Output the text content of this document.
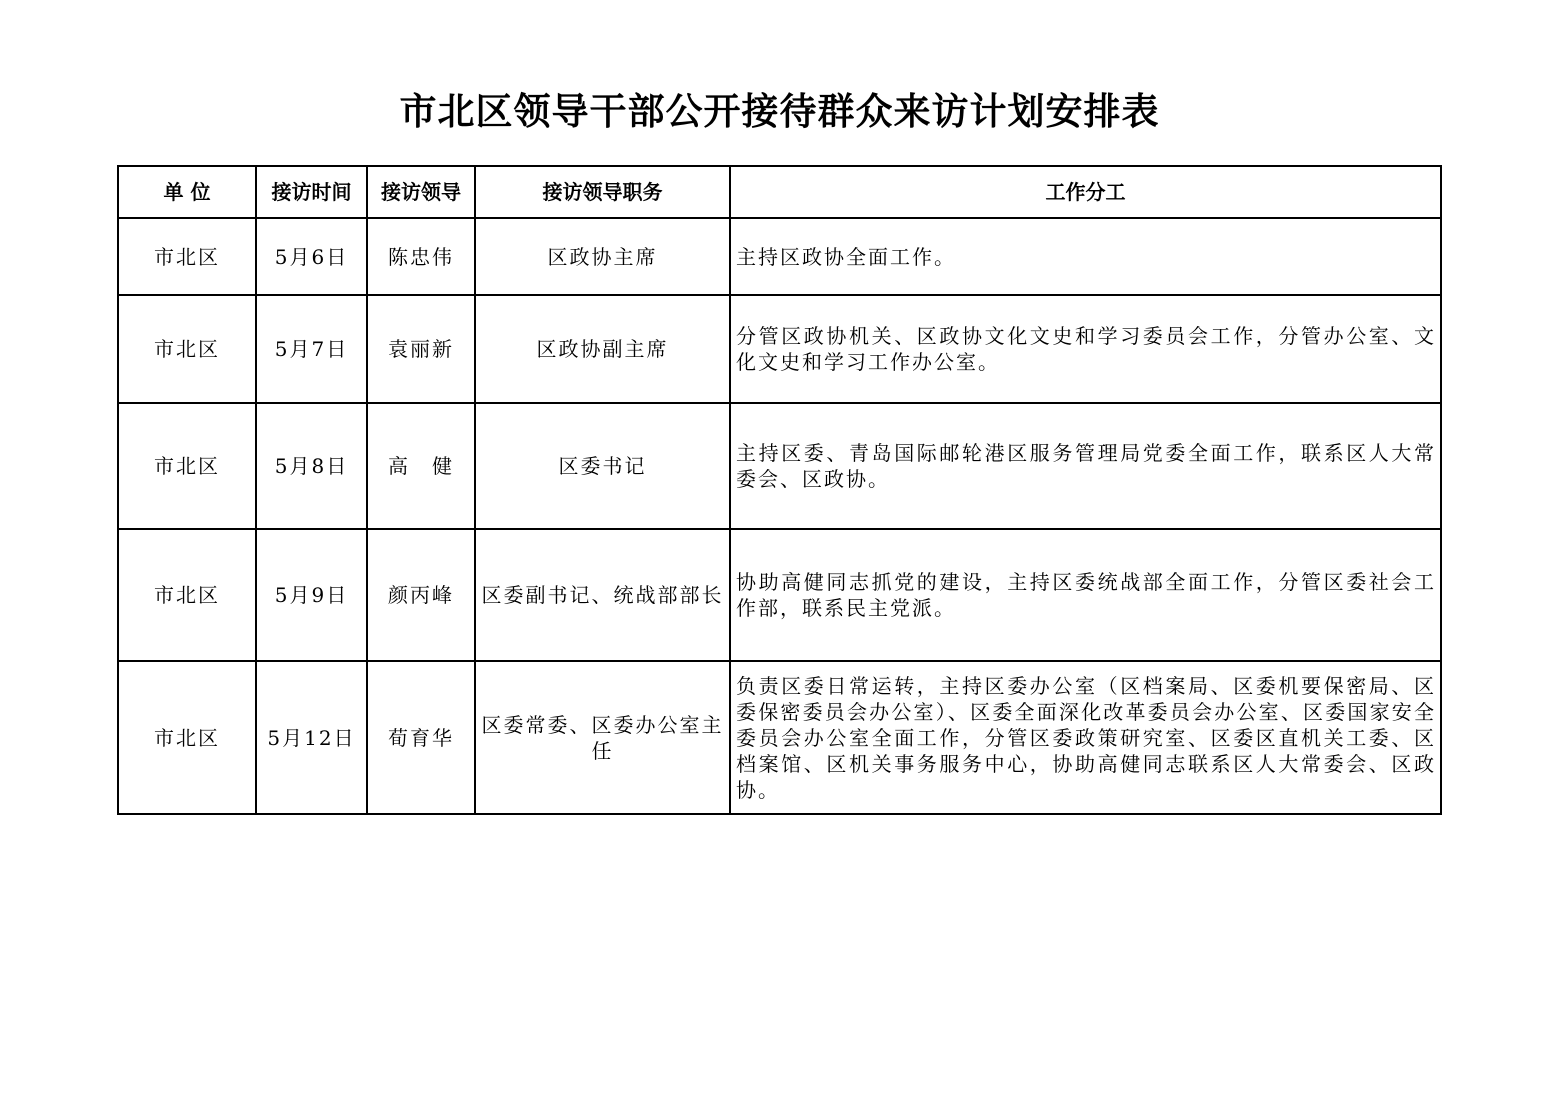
市北区领导干部公开接待群众来访计划安排表
单 位	接访时间	接访领导	接访领导职务	工作分工
市北区	5月6日	陈忠伟	区政协主席	主持区政协全面工作。
市北区	5月7日	袁丽新	区政协副主席	分管区政协机关、区政协文化文史和学习委员会工作，分管办公室、文化文史和学习工作办公室。
市北区	5月8日	高　健	区委书记	主持区委、青岛国际邮轮港区服务管理局党委全面工作，联系区人大常委会、区政协。
市北区	5月9日	颜丙峰	区委副书记、统战部部长	协助高健同志抓党的建设，主持区委统战部全面工作，分管区委社会工作部，联系民主党派。
市北区	5月12日	荀育华	区委常委、区委办公室主任	负责区委日常运转，主持区委办公室（区档案局、区委机要保密局、区委保密委员会办公室）、区委全面深化改革委员会办公室、区委国家安全委员会办公室全面工作，分管区委政策研究室、区委区直机关工委、区档案馆、区机关事务服务中心，协助高健同志联系区人大常委会、区政协。
